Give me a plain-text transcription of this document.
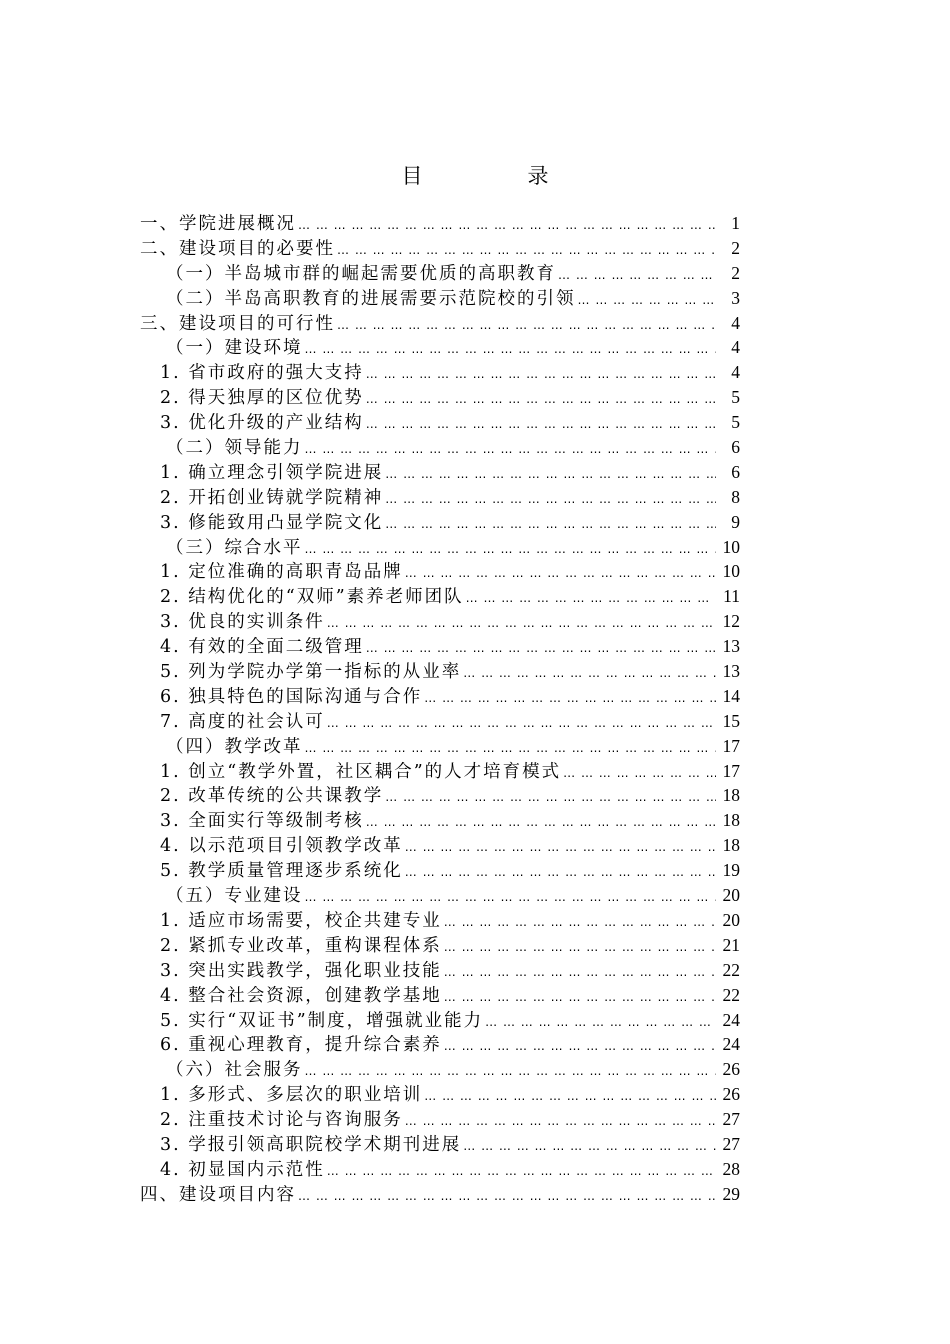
目　录
一、学院进展概况 … … … … … … … … … … … … … … … … … … … … … … … … … … … … … … … … … … … … … … … … … … … … … … … … … … … … … … … … … … … … … …	1
二、建设项目的必要性 … … … … … … … … … … … … … … … … … … … … … … … … … … … … … … … … … … … … … … … … … … … … … … … … … … … … … … … … … … … … … …	2
（一）半岛城市群的崛起需要优质的高职教育 … … … … … … … … … … … … … … … … … … … … … … … … … … … … … … … … … … … … … … … … … … … … … … … … … … … … … … … … … … … … … …	2
（二）半岛高职教育的进展需要示范院校的引领 … … … … … … … … … … … … … … … … … … … … … … … … … … … … … … … … … … … … … … … … … … … … … … … … … … … … … … … … … … … … … …	3
三、建设项目的可行性 … … … … … … … … … … … … … … … … … … … … … … … … … … … … … … … … … … … … … … … … … … … … … … … … … … … … … … … … … … … … … …	4
（一）建设环境 … … … … … … … … … … … … … … … … … … … … … … … … … … … … … … … … … … … … … … … … … … … … … … … … … … … … … … … … … … … … … …	4
1. 省市政府的强大支持 … … … … … … … … … … … … … … … … … … … … … … … … … … … … … … … … … … … … … … … … … … … … … … … … … … … … … … … … … … … … … …	4
2. 得天独厚的区位优势 … … … … … … … … … … … … … … … … … … … … … … … … … … … … … … … … … … … … … … … … … … … … … … … … … … … … … … … … … … … … … …	5
3. 优化升级的产业结构 … … … … … … … … … … … … … … … … … … … … … … … … … … … … … … … … … … … … … … … … … … … … … … … … … … … … … … … … … … … … … …	5
（二）领导能力 … … … … … … … … … … … … … … … … … … … … … … … … … … … … … … … … … … … … … … … … … … … … … … … … … … … … … … … … … … … … … …	6
1. 确立理念引领学院进展 … … … … … … … … … … … … … … … … … … … … … … … … … … … … … … … … … … … … … … … … … … … … … … … … … … … … … … … … … … … … … …	6
2. 开拓创业铸就学院精神 … … … … … … … … … … … … … … … … … … … … … … … … … … … … … … … … … … … … … … … … … … … … … … … … … … … … … … … … … … … … … …	8
3. 修能致用凸显学院文化 … … … … … … … … … … … … … … … … … … … … … … … … … … … … … … … … … … … … … … … … … … … … … … … … … … … … … … … … … … … … … …	9
（三）综合水平 … … … … … … … … … … … … … … … … … … … … … … … … … … … … … … … … … … … … … … … … … … … … … … … … … … … … … … … … … … … … … …	10
1. 定位准确的高职青岛品牌 … … … … … … … … … … … … … … … … … … … … … … … … … … … … … … … … … … … … … … … … … … … … … … … … … … … … … … … … … … … … … …	10
2. 结构优化的“双师”素养老师团队 … … … … … … … … … … … … … … … … … … … … … … … … … … … … … … … … … … … … … … … … … … … … … … … … … … … … … … … … … … … … … …	11
3. 优良的实训条件 … … … … … … … … … … … … … … … … … … … … … … … … … … … … … … … … … … … … … … … … … … … … … … … … … … … … … … … … … … … … … …	12
4. 有效的全面二级管理 … … … … … … … … … … … … … … … … … … … … … … … … … … … … … … … … … … … … … … … … … … … … … … … … … … … … … … … … … … … … … …	13
5. 列为学院办学第一指标的从业率 … … … … … … … … … … … … … … … … … … … … … … … … … … … … … … … … … … … … … … … … … … … … … … … … … … … … … … … … … … … … … …	13
6. 独具特色的国际沟通与合作 … … … … … … … … … … … … … … … … … … … … … … … … … … … … … … … … … … … … … … … … … … … … … … … … … … … … … … … … … … … … … …	14
7. 高度的社会认可 … … … … … … … … … … … … … … … … … … … … … … … … … … … … … … … … … … … … … … … … … … … … … … … … … … … … … … … … … … … … … …	15
（四）教学改革 … … … … … … … … … … … … … … … … … … … … … … … … … … … … … … … … … … … … … … … … … … … … … … … … … … … … … … … … … … … … … …	17
1. 创立“教学外置，社区耦合”的人才培育模式 … … … … … … … … … … … … … … … … … … … … … … … … … … … … … … … … … … … … … … … … … … … … … … … … … … … … … … … … … … … … … …	17
2. 改革传统的公共课教学 … … … … … … … … … … … … … … … … … … … … … … … … … … … … … … … … … … … … … … … … … … … … … … … … … … … … … … … … … … … … … …	18
3. 全面实行等级制考核 … … … … … … … … … … … … … … … … … … … … … … … … … … … … … … … … … … … … … … … … … … … … … … … … … … … … … … … … … … … … … …	18
4. 以示范项目引领教学改革 … … … … … … … … … … … … … … … … … … … … … … … … … … … … … … … … … … … … … … … … … … … … … … … … … … … … … … … … … … … … … …	18
5. 教学质量管理逐步系统化 … … … … … … … … … … … … … … … … … … … … … … … … … … … … … … … … … … … … … … … … … … … … … … … … … … … … … … … … … … … … … …	19
（五）专业建设 … … … … … … … … … … … … … … … … … … … … … … … … … … … … … … … … … … … … … … … … … … … … … … … … … … … … … … … … … … … … … …	20
1. 适应市场需要，校企共建专业 … … … … … … … … … … … … … … … … … … … … … … … … … … … … … … … … … … … … … … … … … … … … … … … … … … … … … … … … … … … … … …	20
2. 紧抓专业改革，重构课程体系 … … … … … … … … … … … … … … … … … … … … … … … … … … … … … … … … … … … … … … … … … … … … … … … … … … … … … … … … … … … … … …	21
3. 突出实践教学，强化职业技能 … … … … … … … … … … … … … … … … … … … … … … … … … … … … … … … … … … … … … … … … … … … … … … … … … … … … … … … … … … … … … …	22
4. 整合社会资源，创建教学基地 … … … … … … … … … … … … … … … … … … … … … … … … … … … … … … … … … … … … … … … … … … … … … … … … … … … … … … … … … … … … … …	22
5. 实行“双证书”制度，增强就业能力 … … … … … … … … … … … … … … … … … … … … … … … … … … … … … … … … … … … … … … … … … … … … … … … … … … … … … … … … … … … … … …	24
6. 重视心理教育，提升综合素养 … … … … … … … … … … … … … … … … … … … … … … … … … … … … … … … … … … … … … … … … … … … … … … … … … … … … … … … … … … … … … …	24
（六）社会服务 … … … … … … … … … … … … … … … … … … … … … … … … … … … … … … … … … … … … … … … … … … … … … … … … … … … … … … … … … … … … … …	26
1. 多形式、多层次的职业培训 … … … … … … … … … … … … … … … … … … … … … … … … … … … … … … … … … … … … … … … … … … … … … … … … … … … … … … … … … … … … … …	26
2. 注重技术讨论与咨询服务 … … … … … … … … … … … … … … … … … … … … … … … … … … … … … … … … … … … … … … … … … … … … … … … … … … … … … … … … … … … … … …	27
3. 学报引领高职院校学术期刊进展 … … … … … … … … … … … … … … … … … … … … … … … … … … … … … … … … … … … … … … … … … … … … … … … … … … … … … … … … … … … … … …	27
4. 初显国内示范性 … … … … … … … … … … … … … … … … … … … … … … … … … … … … … … … … … … … … … … … … … … … … … … … … … … … … … … … … … … … … … …	28
四、建设项目内容 … … … … … … … … … … … … … … … … … … … … … … … … … … … … … … … … … … … … … … … … … … … … … … … … … … … … … … … … … … … … … …	29
